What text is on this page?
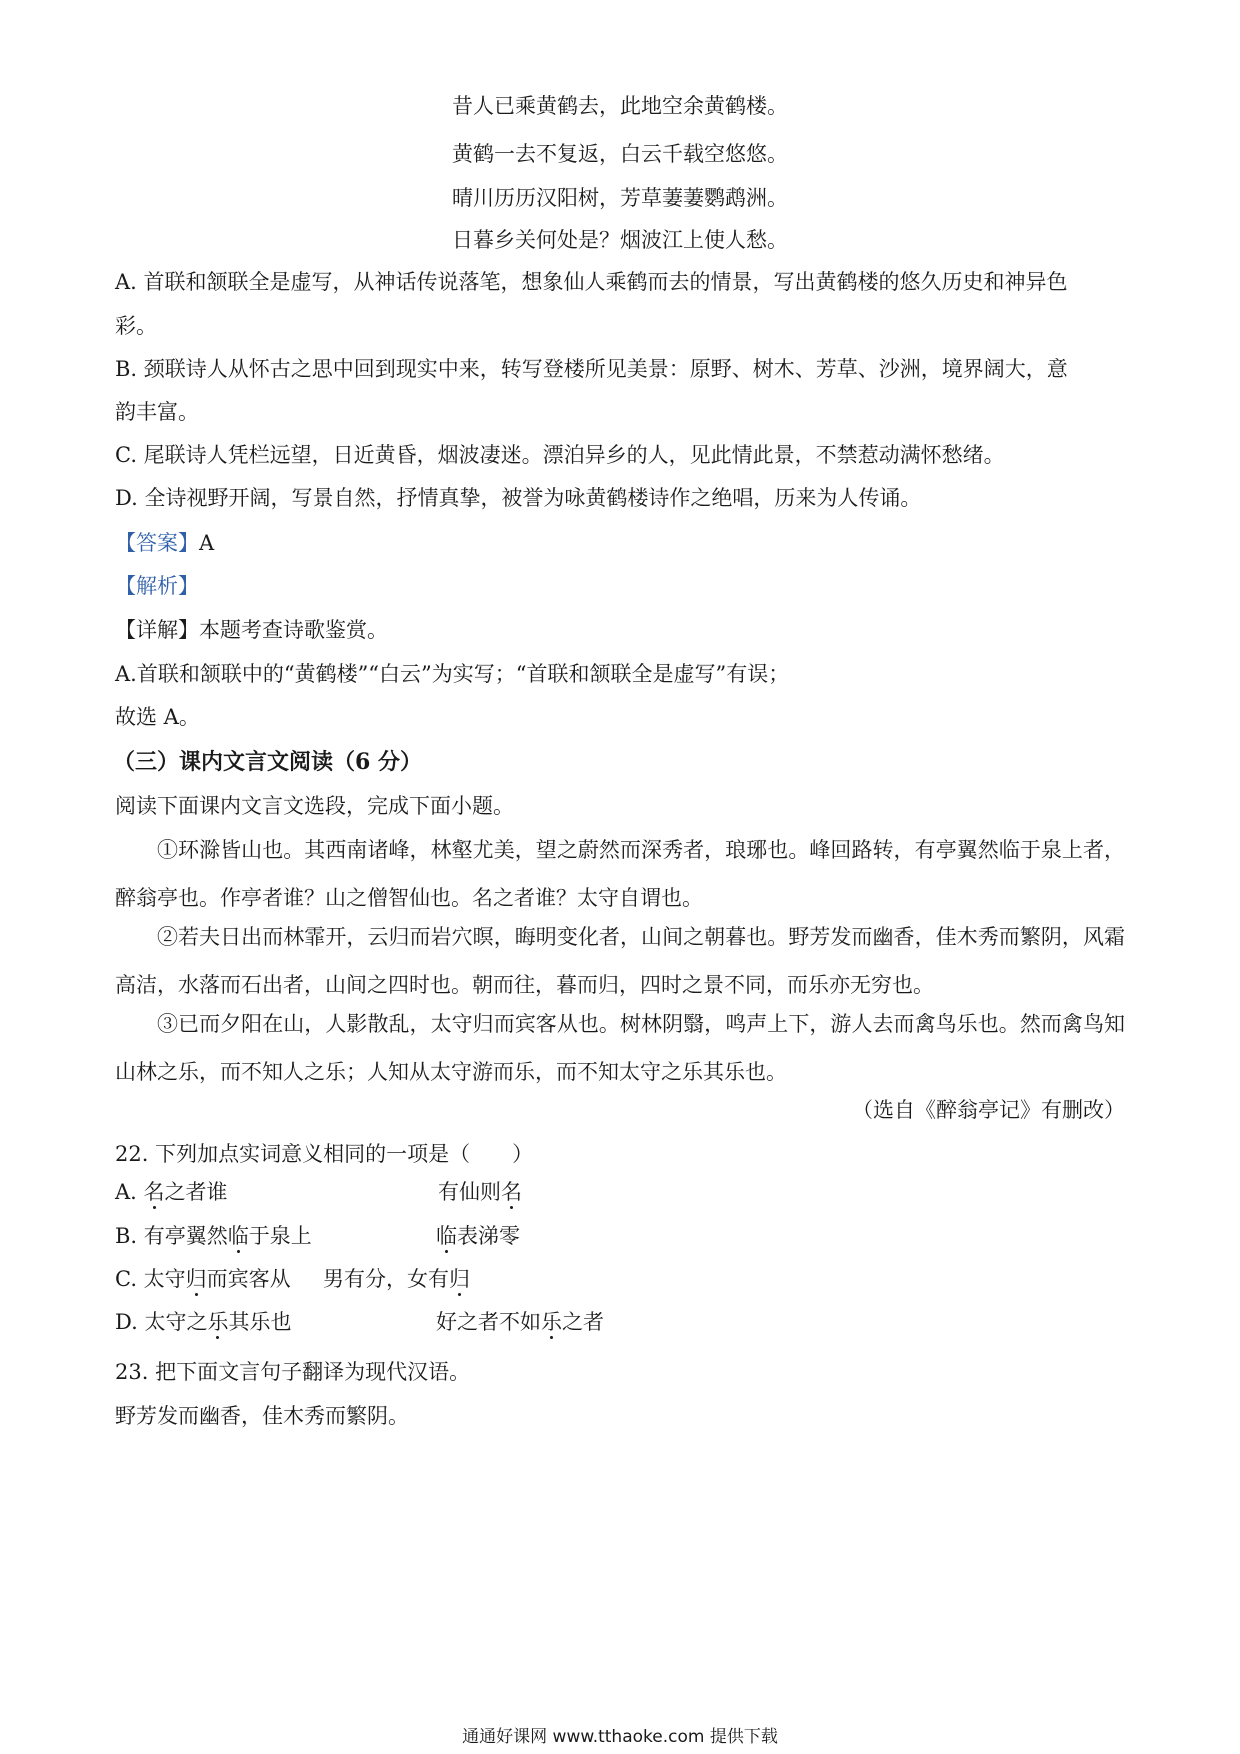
昔人已乘黄鹤去，此地空余黄鹤楼。
黄鹤一去不复返，白云千载空悠悠。
晴川历历汉阳树，芳草萋萋鹦鹉洲。
日暮乡关何处是？烟波江上使人愁。
A. 首联和颔联全是虚写，从神话传说落笔，想象仙人乘鹤而去的情景，写出黄鹤楼的悠久历史和神异色
彩。
B. 颈联诗人从怀古之思中回到现实中来，转写登楼所见美景：原野、树木、芳草、沙洲，境界阔大，意
韵丰富。
C. 尾联诗人凭栏远望，日近黄昏，烟波凄迷。漂泊异乡的人，见此情此景，不禁惹动满怀愁绪。
D. 全诗视野开阔，写景自然，抒情真挚，被誉为咏黄鹤楼诗作之绝唱，历来为人传诵。
【答案】A
【解析】
【详解】本题考查诗歌鉴赏。
A.首联和颔联中的“黄鹤楼”“白云”为实写；“首联和颔联全是虚写”有误；
故选 A。
（三）课内文言文阅读（6 分）
阅读下面课内文言文选段，完成下面小题。
①环滁皆山也。其西南诸峰，林壑尤美，望之蔚然而深秀者，琅琊也。峰回路转，有亭翼然临于泉上者，醉翁亭也。作亭者谁？山之僧智仙也。名之者谁？太守自谓也。
②若夫日出而林霏开，云归而岩穴暝，晦明变化者，山间之朝暮也。野芳发而幽香，佳木秀而繁阴，风霜高洁，水落而石出者，山间之四时也。朝而往，暮而归，四时之景不同，而乐亦无穷也。
③已而夕阳在山，人影散乱，太守归而宾客从也。树林阴翳，鸣声上下，游人去而禽鸟乐也。然而禽鸟知山林之乐，而不知人之乐；人知从太守游而乐，而不知太守之乐其乐也。
（选自《醉翁亭记》有删改）
22. 下列加点实词意义相同的一项是（　　）
A. 名之者谁	有仙则名
B. 有亭翼然临于泉上	临表涕零
C. 太守归而宾客从 男有分，女有归
D. 太守之乐其乐也	好之者不如乐之者
23. 把下面文言句子翻译为现代汉语。
野芳发而幽香，佳木秀而繁阴。
通通好课网 www.tthaoke.com 提供下载
